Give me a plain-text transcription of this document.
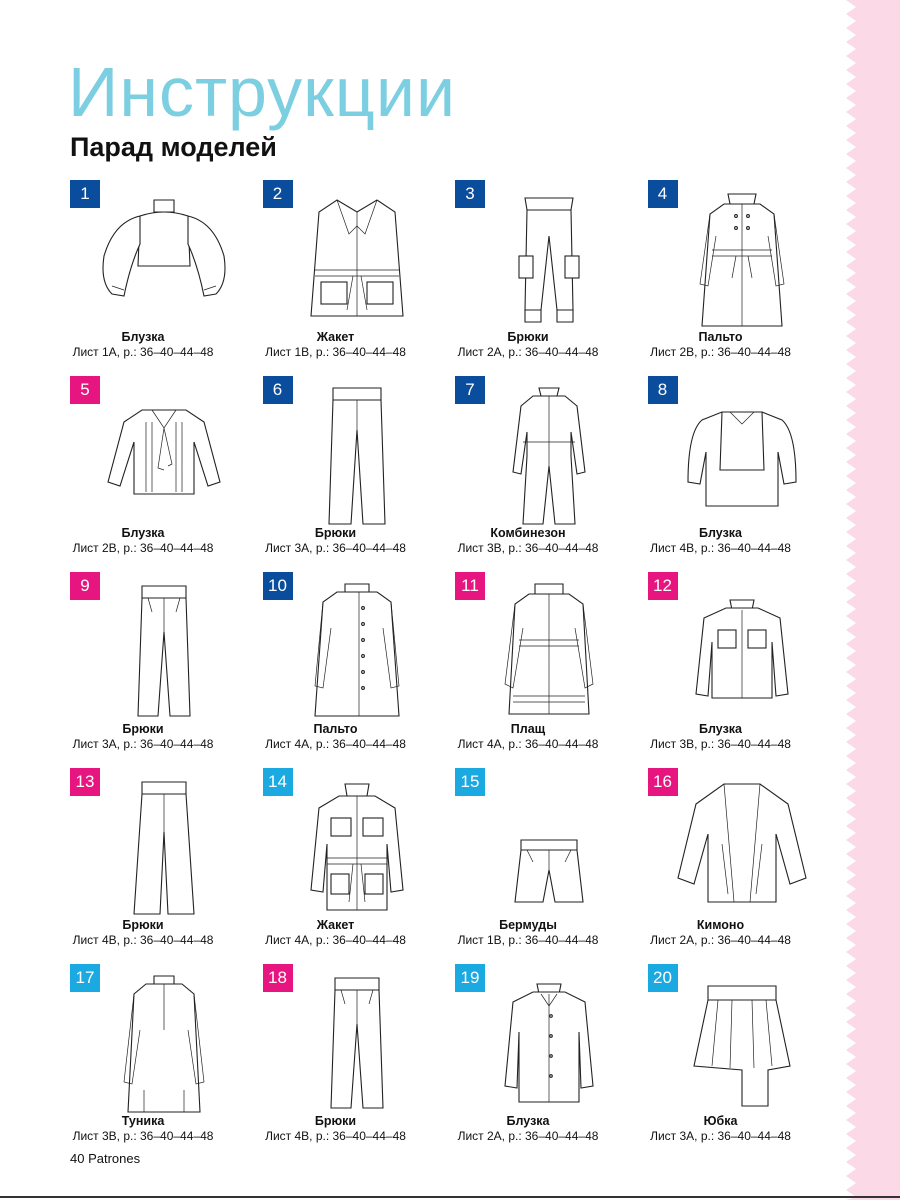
Инструкции
Парад моделей
1
Блузка
Лист 1А, р.: 36–40–44–48
2
Жакет
Лист 1В, р.: 36–40–44–48
3
Брюки
Лист 2А, р.: 36–40–44–48
4
Пальто
Лист 2В, р.: 36–40–44–48
5
Блузка
Лист 2В, р.: 36–40–44–48
6
Брюки
Лист 3А, р.: 36–40–44–48
7
Комбинезон
Лист 3В, р.: 36–40–44–48
8
Блузка
Лист 4В, р.: 36–40–44–48
9
Брюки
Лист 3А, р.: 36–40–44–48
10
Пальто
Лист 4А, р.: 36–40–44–48
11
Плащ
Лист 4А, р.: 36–40–44–48
12
Блузка
Лист 3В, р.: 36–40–44–48
13
Брюки
Лист 4В, р.: 36–40–44–48
14
Жакет
Лист 4А, р.: 36–40–44–48
15
Бермуды
Лист 1В, р.: 36–40–44–48
16
Кимоно
Лист 2А, р.: 36–40–44–48
17
Туника
Лист 3В, р.: 36–40–44–48
18
Брюки
Лист 4В, р.: 36–40–44–48
19
Блузка
Лист 2А, р.: 36–40–44–48
20
Юбка
Лист 3А, р.: 36–40–44–48
40 Patrones
